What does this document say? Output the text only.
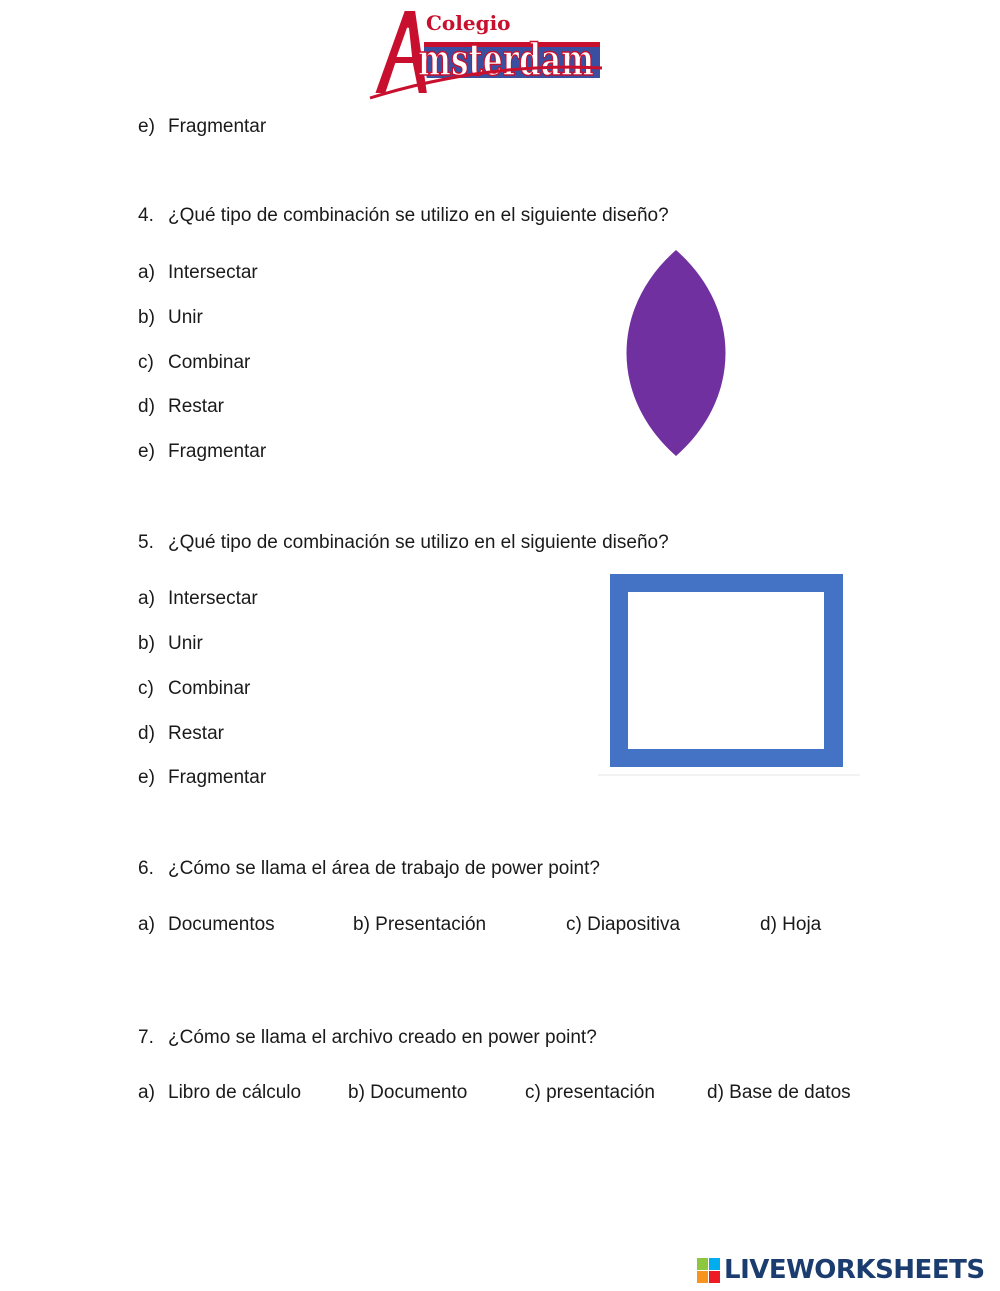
Colegio
msterdam
e) Fragmentar
4. ¿Qué tipo de combinación se utilizo en el siguiente diseño?
a) Intersectar
b) Unir
c) Combinar
d) Restar
e) Fragmentar
5. ¿Qué tipo de combinación se utilizo en el siguiente diseño?
a) Intersectar
b) Unir
c) Combinar
d) Restar
e) Fragmentar
6. ¿Cómo se llama el área de trabajo de power point?
a) Documentos	b) Presentación	c) Diapositiva	d) Hoja
7. ¿Cómo se llama el archivo creado en power point?
a) Libro de cálculo b) Documento	c) presentación	d) Base de datos
LIVEWORKSHEETS
